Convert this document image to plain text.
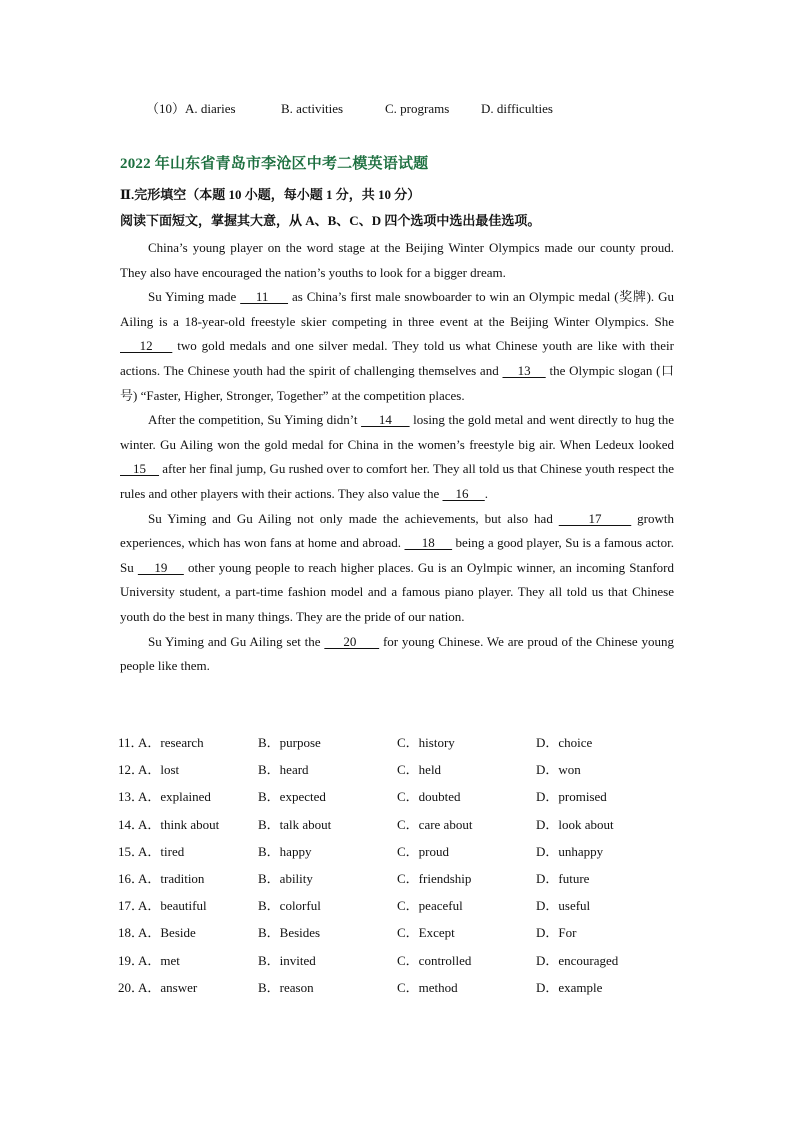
（10）A. diaries	B. activities	C. programs D. difficulties
2022 年山东省青岛市李沧区中考二模英语试题
Ⅱ.完形填空（本题 10 小题，每小题 1 分，共 10 分）
阅读下面短文，掌握其大意，从 A、B、C、D 四个选项中选出最佳选项。

China’s young player on the word stage at the Beijing Winter Olympics made our county proud. They also have encouraged the nation’s youths to look for a bigger dream.

Su Yiming made     11      as China’s first male snowboarder to win an Olympic medal (奖牌). Gu Ailing is a 18-year-old freestyle skier competing in three event at the Beijing Winter Olympics. She     12     two gold medals and one silver medal. They told us what Chinese youth are like with their actions. The Chinese youth had the spirit of challenging themselves and     13     the Olympic slogan (口号) “Faster, Higher, Stronger, Together” at the competition places.

After the competition, Su Yiming didn’t      14      losing the gold metal and went directly to hug the winter. Gu Ailing won the gold medal for China in the women’s freestyle big air. When Ledeux looked     15     after her final jump, Gu rushed over to comfort her. They all told us that Chinese youth respect the rules and other players with their actions. They also value the     16     .

Su Yiming and Gu Ailing not only made the achievements, but also had      17      growth experiences, which has won fans at home and abroad.      18      being a good player, Su is a famous actor. Su     19     other young people to reach higher places. Gu is an Oylmpic winner, an incoming Stanford University student, a part-time fashion model and a famous piano player. They all told us that Chinese youth do the best in many things. They are the pride of our nation.

Su Yiming and Gu Ailing set the      20       for young Chinese. We are proud of the Chinese young people like them.

11．
A．research	B．purpose	C．history	D．choice
12．
A．lost	B．heard	C．held	D．won
13．
A．explained	B．expected	C．doubted	D．promised
14．
A．think about	B．talk about	C．care about	D．look about
15．
A．tired	B．happy	C．proud	D．unhappy
16．
A．tradition	B．ability	C．friendship	D．future
17．
A．beautiful	B．colorful	C．peaceful	D．useful
18．
A．Beside	B．Besides	C．Except	D．For
19．
A．met	B．invited	C．controlled	D．encouraged
20．
A．answer	B．reason	C．method	D．example
